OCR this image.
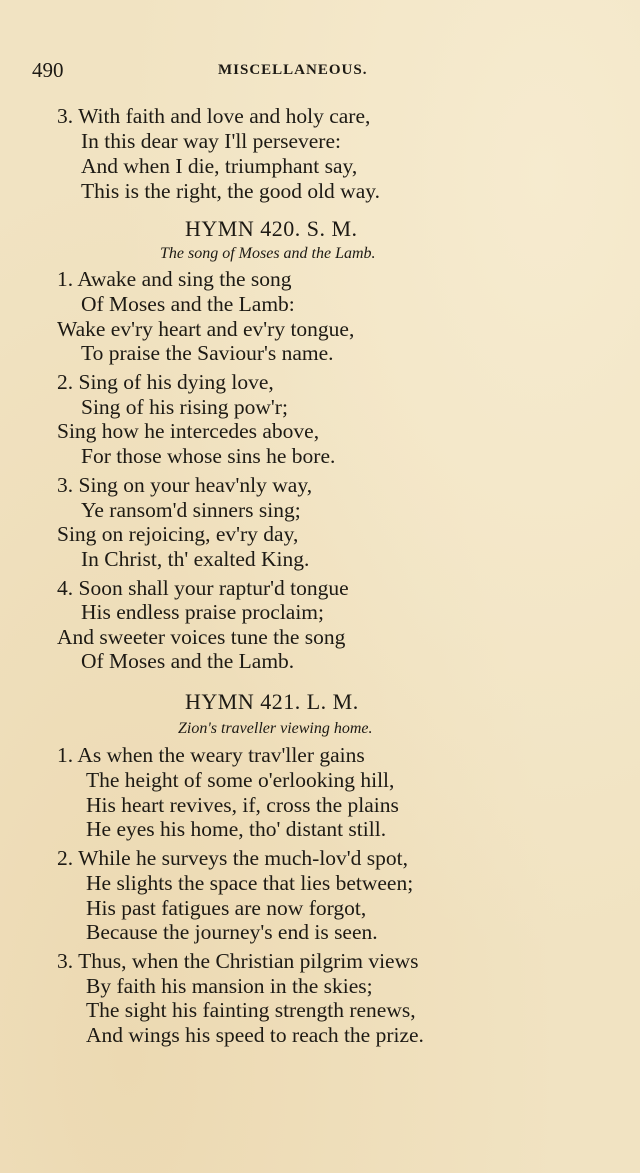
490	MISCELLANEOUS.
3. With faith and love and holy care,
In this dear way I'll persevere:
And when I die, triumphant say,
This is the right, the good old way.
HYMN 420. S. M.
The song of Moses and the Lamb.
1. Awake and sing the song
Of Moses and the Lamb:
Wake ev'ry heart and ev'ry tongue,
To praise the Saviour's name.
2. Sing of his dying love,
Sing of his rising pow'r;
Sing how he intercedes above,
For those whose sins he bore.
3. Sing on your heav'nly way,
Ye ransom'd sinners sing;
Sing on rejoicing, ev'ry day,
In Christ, th' exalted King.
4. Soon shall your raptur'd tongue
His endless praise proclaim;
And sweeter voices tune the song
Of Moses and the Lamb.
HYMN 421. L. M.
Zion's traveller viewing home.
1. As when the weary trav'ller gains
The height of some o'erlooking hill,
His heart revives, if, cross the plains
He eyes his home, tho' distant still.
2. While he surveys the much-lov'd spot,
He slights the space that lies between;
His past fatigues are now forgot,
Because the journey's end is seen.
3. Thus, when the Christian pilgrim views
By faith his mansion in the skies;
The sight his fainting strength renews,
And wings his speed to reach the prize.
